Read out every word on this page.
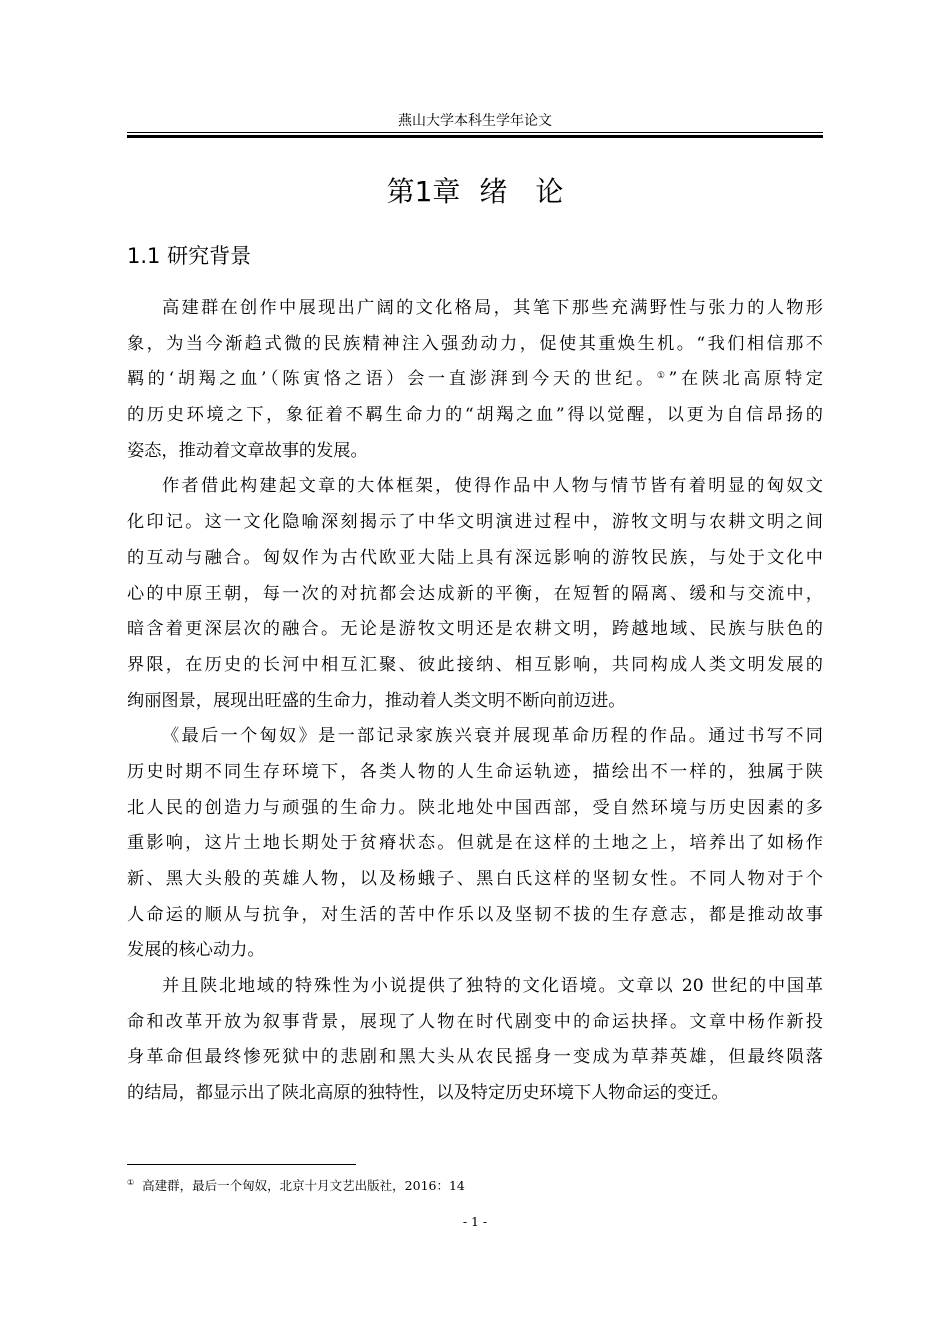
燕山大学本科生学年论文
第1章 绪 论
1.1 研究背景

高建群在创作中展现出广阔的文化格局，其笔下那些充满野性与张力的人物形
象，为当今渐趋式微的民族精神注入强劲动力，促使其重焕生机。“我们相信那不
羁的‘胡羯之血’（陈寅恪之语）会一直澎湃到今天的世纪。①”在陕北高原特定
的历史环境之下，象征着不羁生命力的“胡羯之血”得以觉醒，以更为自信昂扬的
姿态，推动着文章故事的发展。

作者借此构建起文章的大体框架，使得作品中人物与情节皆有着明显的匈奴文
化印记。这一文化隐喻深刻揭示了中华文明演进过程中，游牧文明与农耕文明之间
的互动与融合。匈奴作为古代欧亚大陆上具有深远影响的游牧民族，与处于文化中
心的中原王朝，每一次的对抗都会达成新的平衡，在短暂的隔离、缓和与交流中，
暗含着更深层次的融合。无论是游牧文明还是农耕文明，跨越地域、民族与肤色的
界限，在历史的长河中相互汇聚、彼此接纳、相互影响，共同构成人类文明发展的
绚丽图景，展现出旺盛的生命力，推动着人类文明不断向前迈进。

《最后一个匈奴》是一部记录家族兴衰并展现革命历程的作品。通过书写不同
历史时期不同生存环境下，各类人物的人生命运轨迹，描绘出不一样的，独属于陕
北人民的创造力与顽强的生命力。陕北地处中国西部，受自然环境与历史因素的多
重影响，这片土地长期处于贫瘠状态。但就是在这样的土地之上，培养出了如杨作
新、黑大头般的英雄人物，以及杨蛾子、黑白氏这样的坚韧女性。不同人物对于个
人命运的顺从与抗争，对生活的苦中作乐以及坚韧不拔的生存意志，都是推动故事
发展的核心动力。

并且陕北地域的特殊性为小说提供了独特的文化语境。文章以 20 世纪的中国革
命和改革开放为叙事背景，展现了人物在时代剧变中的命运抉择。文章中杨作新投
身革命但最终惨死狱中的悲剧和黑大头从农民摇身一变成为草莽英雄，但最终陨落
的结局，都显示出了陕北高原的独特性，以及特定历史环境下人物命运的变迁。

① 高建群，最后一个匈奴，北京十月文艺出版社，2016：14
- 1 -
